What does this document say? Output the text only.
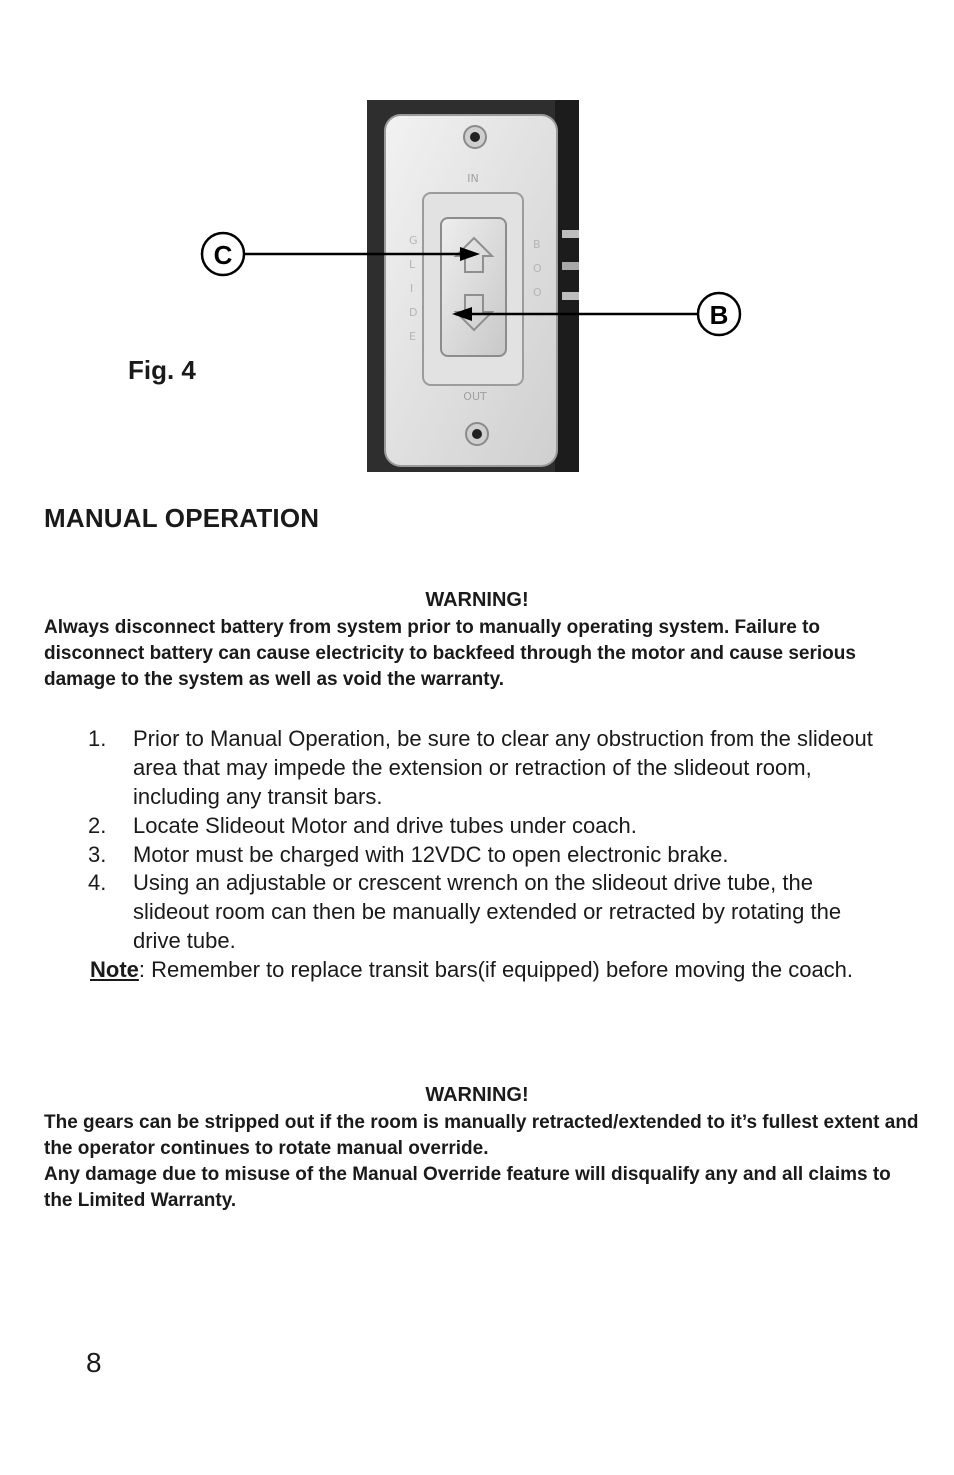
IN
OUT
G
L
I
D
E
B
O
O
C
B
Fig. 4
MANUAL OPERATION
WARNING!
Always disconnect battery from system prior to manually operating system. Failure to disconnect battery can cause electricity to backfeed through the motor and cause serious damage to the system as well as void the warranty.
1.	Prior to Manual Operation, be sure to clear any obstruction from the slideout area that may impede the extension or retraction of the slideout room, including any transit bars.
2.	Locate Slideout Motor and drive tubes under coach.
3.	Motor must be charged with 12VDC to open electronic brake.
4.	Using an adjustable or crescent wrench on the slideout drive tube, the slideout room can then be manually extended or retracted by rotating the drive tube.
Note: Remember to replace transit bars(if equipped) before moving the coach.
WARNING!
The gears can be stripped out if the room is manually retracted/extended to it’s fullest extent and the operator continues to rotate manual override.
Any damage due to misuse of the Manual Override feature will disqualify any and all claims to the Limited Warranty.
8
